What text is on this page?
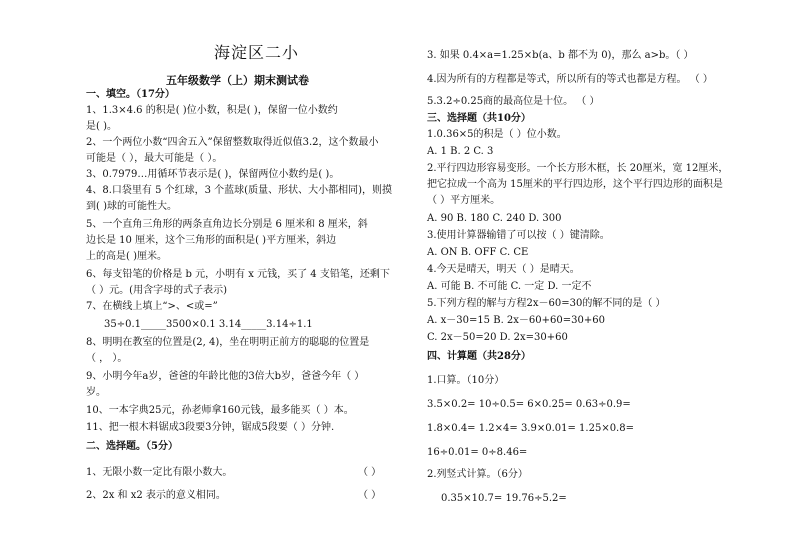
海淀区二小
五年级数学（上）期末测试卷
一、填空。（17分）
1、1.3×4.6 的积是( )位小数，积是( )，保留一位小数约
是( )。
2、一个两位小数“四舍五入”保留整数取得近似值3.2，这个数最小
可能是（ ），最大可能是（ ）。
3、0.7979…用循环节表示是( )，保留两位小数约是( )。
4、8.口袋里有 5 个红球，3 个蓝球(质量、形状、大小都相同)，则摸
到( )球的可能性大。
5、一个直角三角形的两条直角边长分别是 6 厘米和 8 厘米，斜
边长是 10 厘米，这个三角形的面积是( )平方厘米，斜边
上的高是( )厘米。
6、每支铅笔的价格是 b 元，小明有 x 元钱，买了 4 支铅笔，还剩下
（ ）元。(用含字母的式子表示)
7、在横线上填上“>、<或=”
35÷0.1_____3500×0.1 3.14_____3.14÷1.1
8、明明在教室的位置是(2, 4)，坐在明明正前方的聪聪的位置是
（ ， ）。
9、小明今年a岁，爸爸的年龄比他的3倍大b岁，爸爸今年（ ）
岁。
10、一本字典25元，孙老师拿160元钱，最多能买（ ）本。
11、把一根木料锯成3段要3分钟，锯成5段要（ ）分钟.
二、选择题。（5分）
1、无限小数一定比有限小数大。	（ ）
2、2x 和 x2 表示的意义相同。	（ ）
3. 如果 0.4×a=1.25×b(a、b 都不为 0)，那么 a>b。（ ）
4.因为所有的方程都是等式，所以所有的等式也都是方程。 （ ）
5.3.2÷0.25商的最高位是十位。 （ ）
三、选择题（共10分）
1.0.36×5的积是（ ）位小数。
A. 1 B. 2 C. 3
2.平行四边形容易变形。一个长方形木框，长 20厘米，宽 12厘米，
把它拉成一个高为 15厘米的平行四边形，这个平行四边形的面积是
（ ）平方厘米。
A. 90 B. 180 C. 240 D. 300
3.使用计算器输错了可以按（ ）键清除。
A. ON B. OFF C. CE
4.今天是晴天，明天（ ）是晴天。
A. 可能 B. 不可能 C. 一定 D. 一定不
5.下列方程的解与方程2x－60=30的解不同的是（ ）
A. x－30=15 B. 2x－60+60=30+60
C. 2x－50=20 D. 2x=30+60
四、计算题（共28分）
1.口算。（10分）
3.5×0.2= 10÷0.5= 6×0.25= 0.63÷0.9=
1.8×0.4= 1.2×4= 3.9×0.01= 1.25×0.8=
16÷0.01= 0÷8.46=
2.列竖式计算。（6分）
0.35×10.7= 19.76÷5.2=
